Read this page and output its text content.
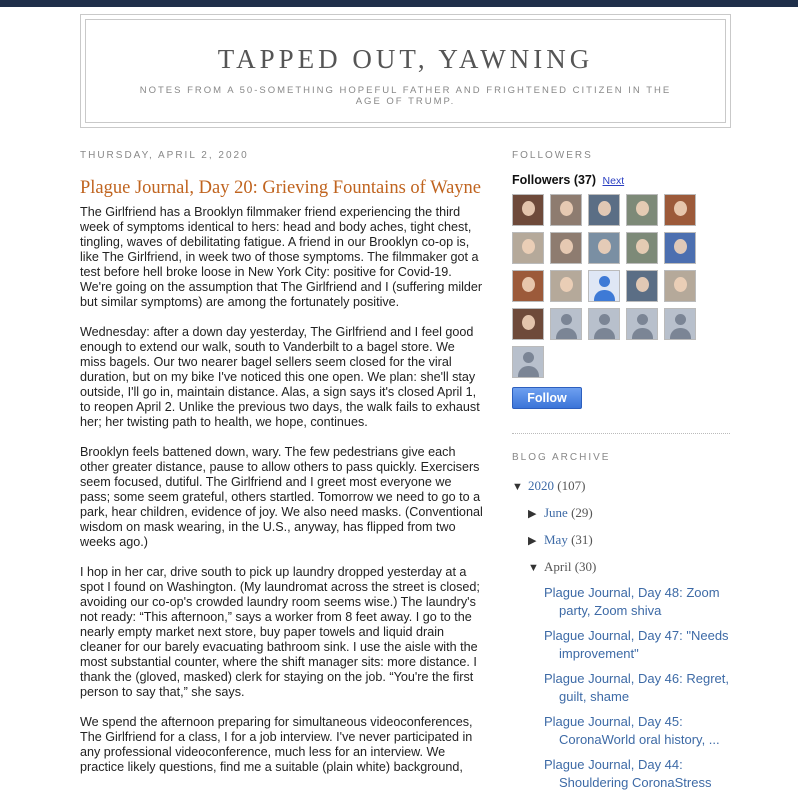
TAPPED OUT, YAWNING
NOTES FROM A 50-SOMETHING HOPEFUL FATHER AND FRIGHTENED CITIZEN IN THE AGE OF TRUMP.
THURSDAY, APRIL 2, 2020
Plague Journal, Day 20: Grieving Fountains of Wayne

The Girlfriend has a Brooklyn filmmaker friend experiencing the third week of symptoms identical to hers: head and body aches, tight chest, tingling, waves of debilitating fatigue. A friend in our Brooklyn co-op is, like The Girlfriend, in week two of those symptoms. The filmmaker got a test before hell broke loose in New York City: positive for Covid-19. We're going on the assumption that The Girlfriend and I (suffering milder but similar symptoms) are among the fortunately positive.

Wednesday: after a down day yesterday, The Girlfriend and I feel good enough to extend our walk, south to Vanderbilt to a bagel store. We miss bagels. Our two nearer bagel sellers seem closed for the viral duration, but on my bike I've noticed this one open. We plan: she'll stay outside, I'll go in, maintain distance. Alas, a sign says it's closed April 1, to reopen April 2. Unlike the previous two days, the walk fails to exhaust her; her twisting path to health, we hope, continues.

Brooklyn feels battened down, wary. The few pedestrians give each other greater distance, pause to allow others to pass quickly. Exercisers seem focused, dutiful. The Girlfriend and I greet most everyone we pass; some seem grateful, others startled. Tomorrow we need to go to a park, hear children, evidence of joy. We also need masks. (Conventional wisdom on mask wearing, in the U.S., anyway, has flipped from two weeks ago.)

I hop in her car, drive south to pick up laundry dropped yesterday at a spot I found on Washington. (My laundromat across the street is closed; avoiding our co-op's crowded laundry room seems wise.) The laundry's not ready: “This afternoon,” says a worker from 8 feet away. I go to the nearly empty market next store, buy paper towels and liquid drain cleaner for our barely evacuating bathroom sink. I use the aisle with the most substantial counter, where the shift manager sits: more distance. I thank the (gloved, masked) clerk for staying on the job. “You're the first person to say that,” she says.

We spend the afternoon preparing for simultaneous videoconferences, The Girlfriend for a class, I for a job interview. I've never participated in any professional videoconference, much less for an interview. We practice likely questions, find me a suitable (plain white) background,

FOLLOWERS
Followers (37) Next
Follow
BLOG ARCHIVE
▼ 2020 (107)
▶ June (29)
▶ May (31)
▼ April (30)
Plague Journal, Day 48: Zoom
party, Zoom shiva
Plague Journal, Day 47: "Needs
improvement"
Plague Journal, Day 46: Regret,
guilt, shame
Plague Journal, Day 45:
CoronaWorld oral history, ...
Plague Journal, Day 44:
Shouldering CoronaStress
